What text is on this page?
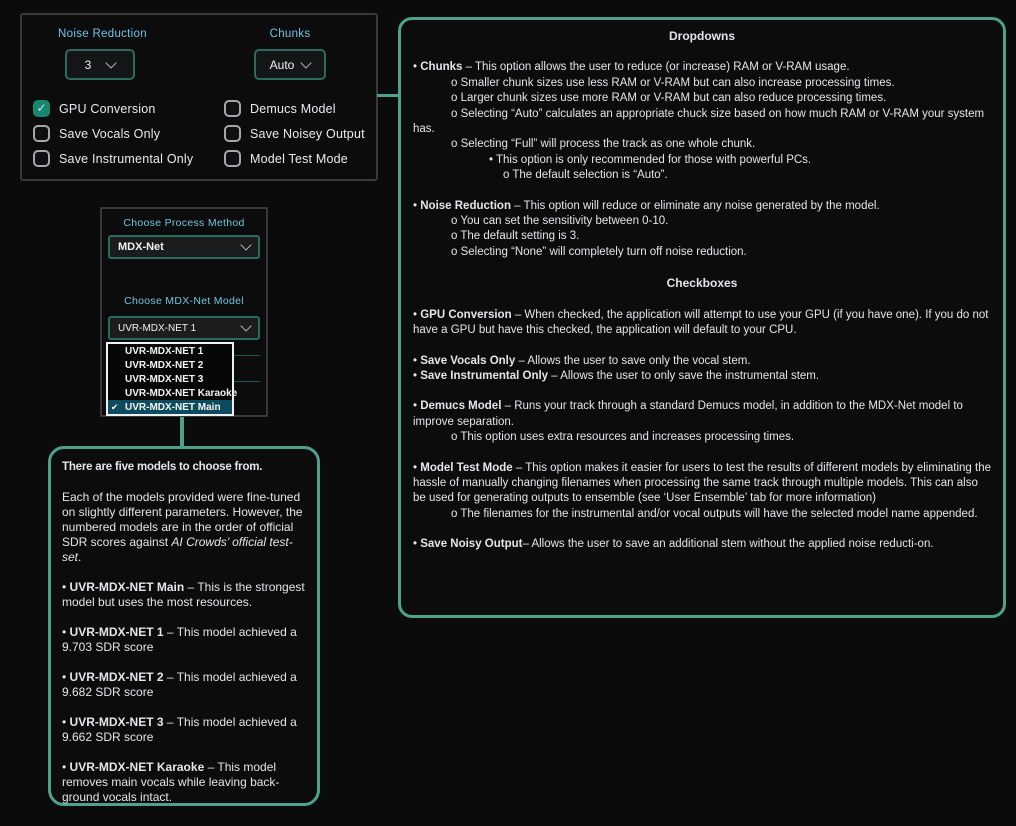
Noise Reduction	Chunks
3	Auto
✓ GPU Conversion
Save Vocals Only
Save Instrumental Only
Demucs Model
Save Noisey Output
Model Test Mode
Choose Process Method
MDX-Net
Choose MDX-Net Model
UVR-MDX-NET 1
UVR-MDX-NET 1
UVR-MDX-NET 2
UVR-MDX-NET 3
UVR-MDX-NET Karaoke
✔ UVR-MDX-NET Main
There are five models to choose from.
Each of the models provided were fine-tuned on slightly different parameters. However, the numbered models are in the order of official SDR scores against AI Crowds’ official test-set.
• UVR-MDX-NET Main – This is the strongest model but uses the most resources.
• UVR-MDX-NET 1 – This model achieved a 9.703 SDR score
• UVR-MDX-NET 2 – This model achieved a 9.682 SDR score
• UVR-MDX-NET 3 – This model achieved a 9.662 SDR score
• UVR-MDX-NET Karaoke – This model removes main vocals while leaving back-ground vocals intact.
Dropdowns
• Chunks – This option allows the user to reduce (or increase) RAM or V-RAM usage.
o Smaller chunk sizes use less RAM or V-RAM but can also increase processing times.
o Larger chunk sizes use more RAM or V-RAM but can also reduce processing times.
o Selecting “Auto” calculates an appropriate chuck size based on how much RAM or V-RAM your system has.
o Selecting “Full” will process the track as one whole chunk.
• This option is only recommended for those with powerful PCs.
o The default selection is “Auto”.
• Noise Reduction – This option will reduce or eliminate any noise generated by the model.
o You can set the sensitivity between 0-10.
o The default setting is 3.
o Selecting “None” will completely turn off noise reduction.
Checkboxes
• GPU Conversion – When checked, the application will attempt to use your GPU (if you have one). If you do not have a GPU but have this checked, the application will default to your CPU.
• Save Vocals Only – Allows the user to save only the vocal stem.
• Save Instrumental Only – Allows the user to only save the instrumental stem.
• Demucs Model – Runs your track through a standard Demucs model, in addition to the MDX-Net model to improve separation.
o This option uses extra resources and increases processing times.
• Model Test Mode – This option makes it easier for users to test the results of different models by eliminating the hassle of manually changing filenames when processing the same track through multiple models. This can also be used for generating outputs to ensemble (see ‘User Ensemble’ tab for more information)
o The filenames for the instrumental and/or vocal outputs will have the selected model name appended.
• Save Noisy Output– Allows the user to save an additional stem without the applied noise reducti-on.
